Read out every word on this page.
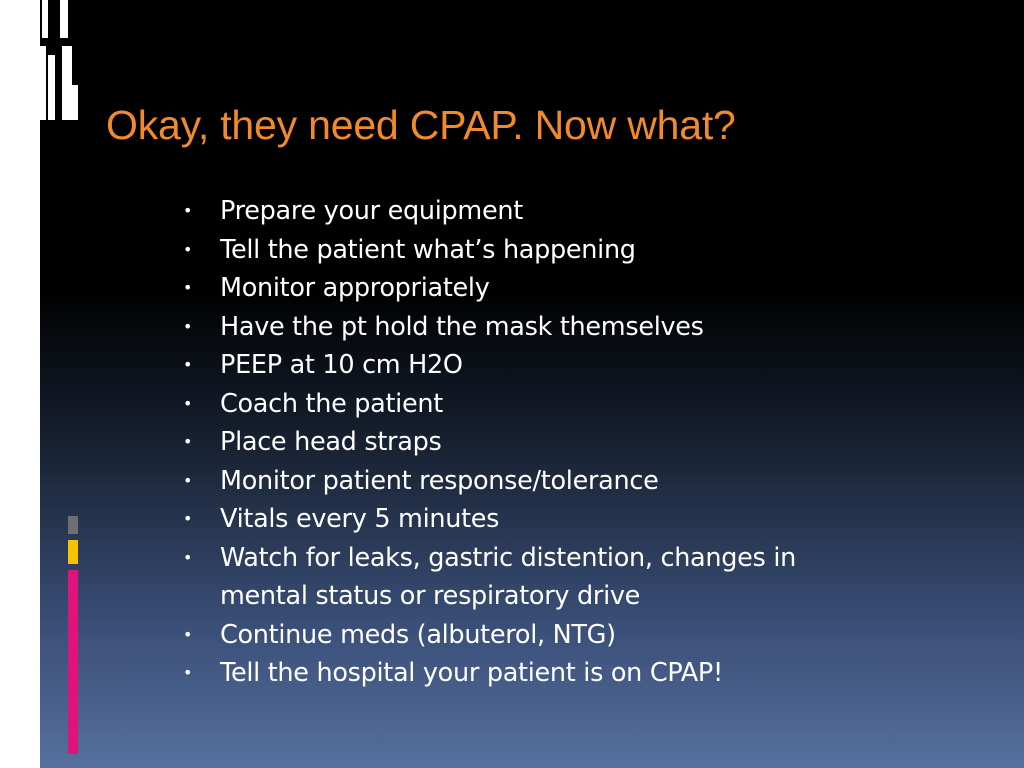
Okay, they need CPAP. Now what?
• Prepare your equipment
• Tell the patient what’s happening
• Monitor appropriately
• Have the pt hold the mask themselves
• PEEP at 10 cm H2O
• Coach the patient
• Place head straps
• Monitor patient response/tolerance
• Vitals every 5 minutes
• Watch for leaks, gastric distention, changes in mental status or respiratory drive
• Continue meds (albuterol, NTG)
• Tell the hospital your patient is on CPAP!
